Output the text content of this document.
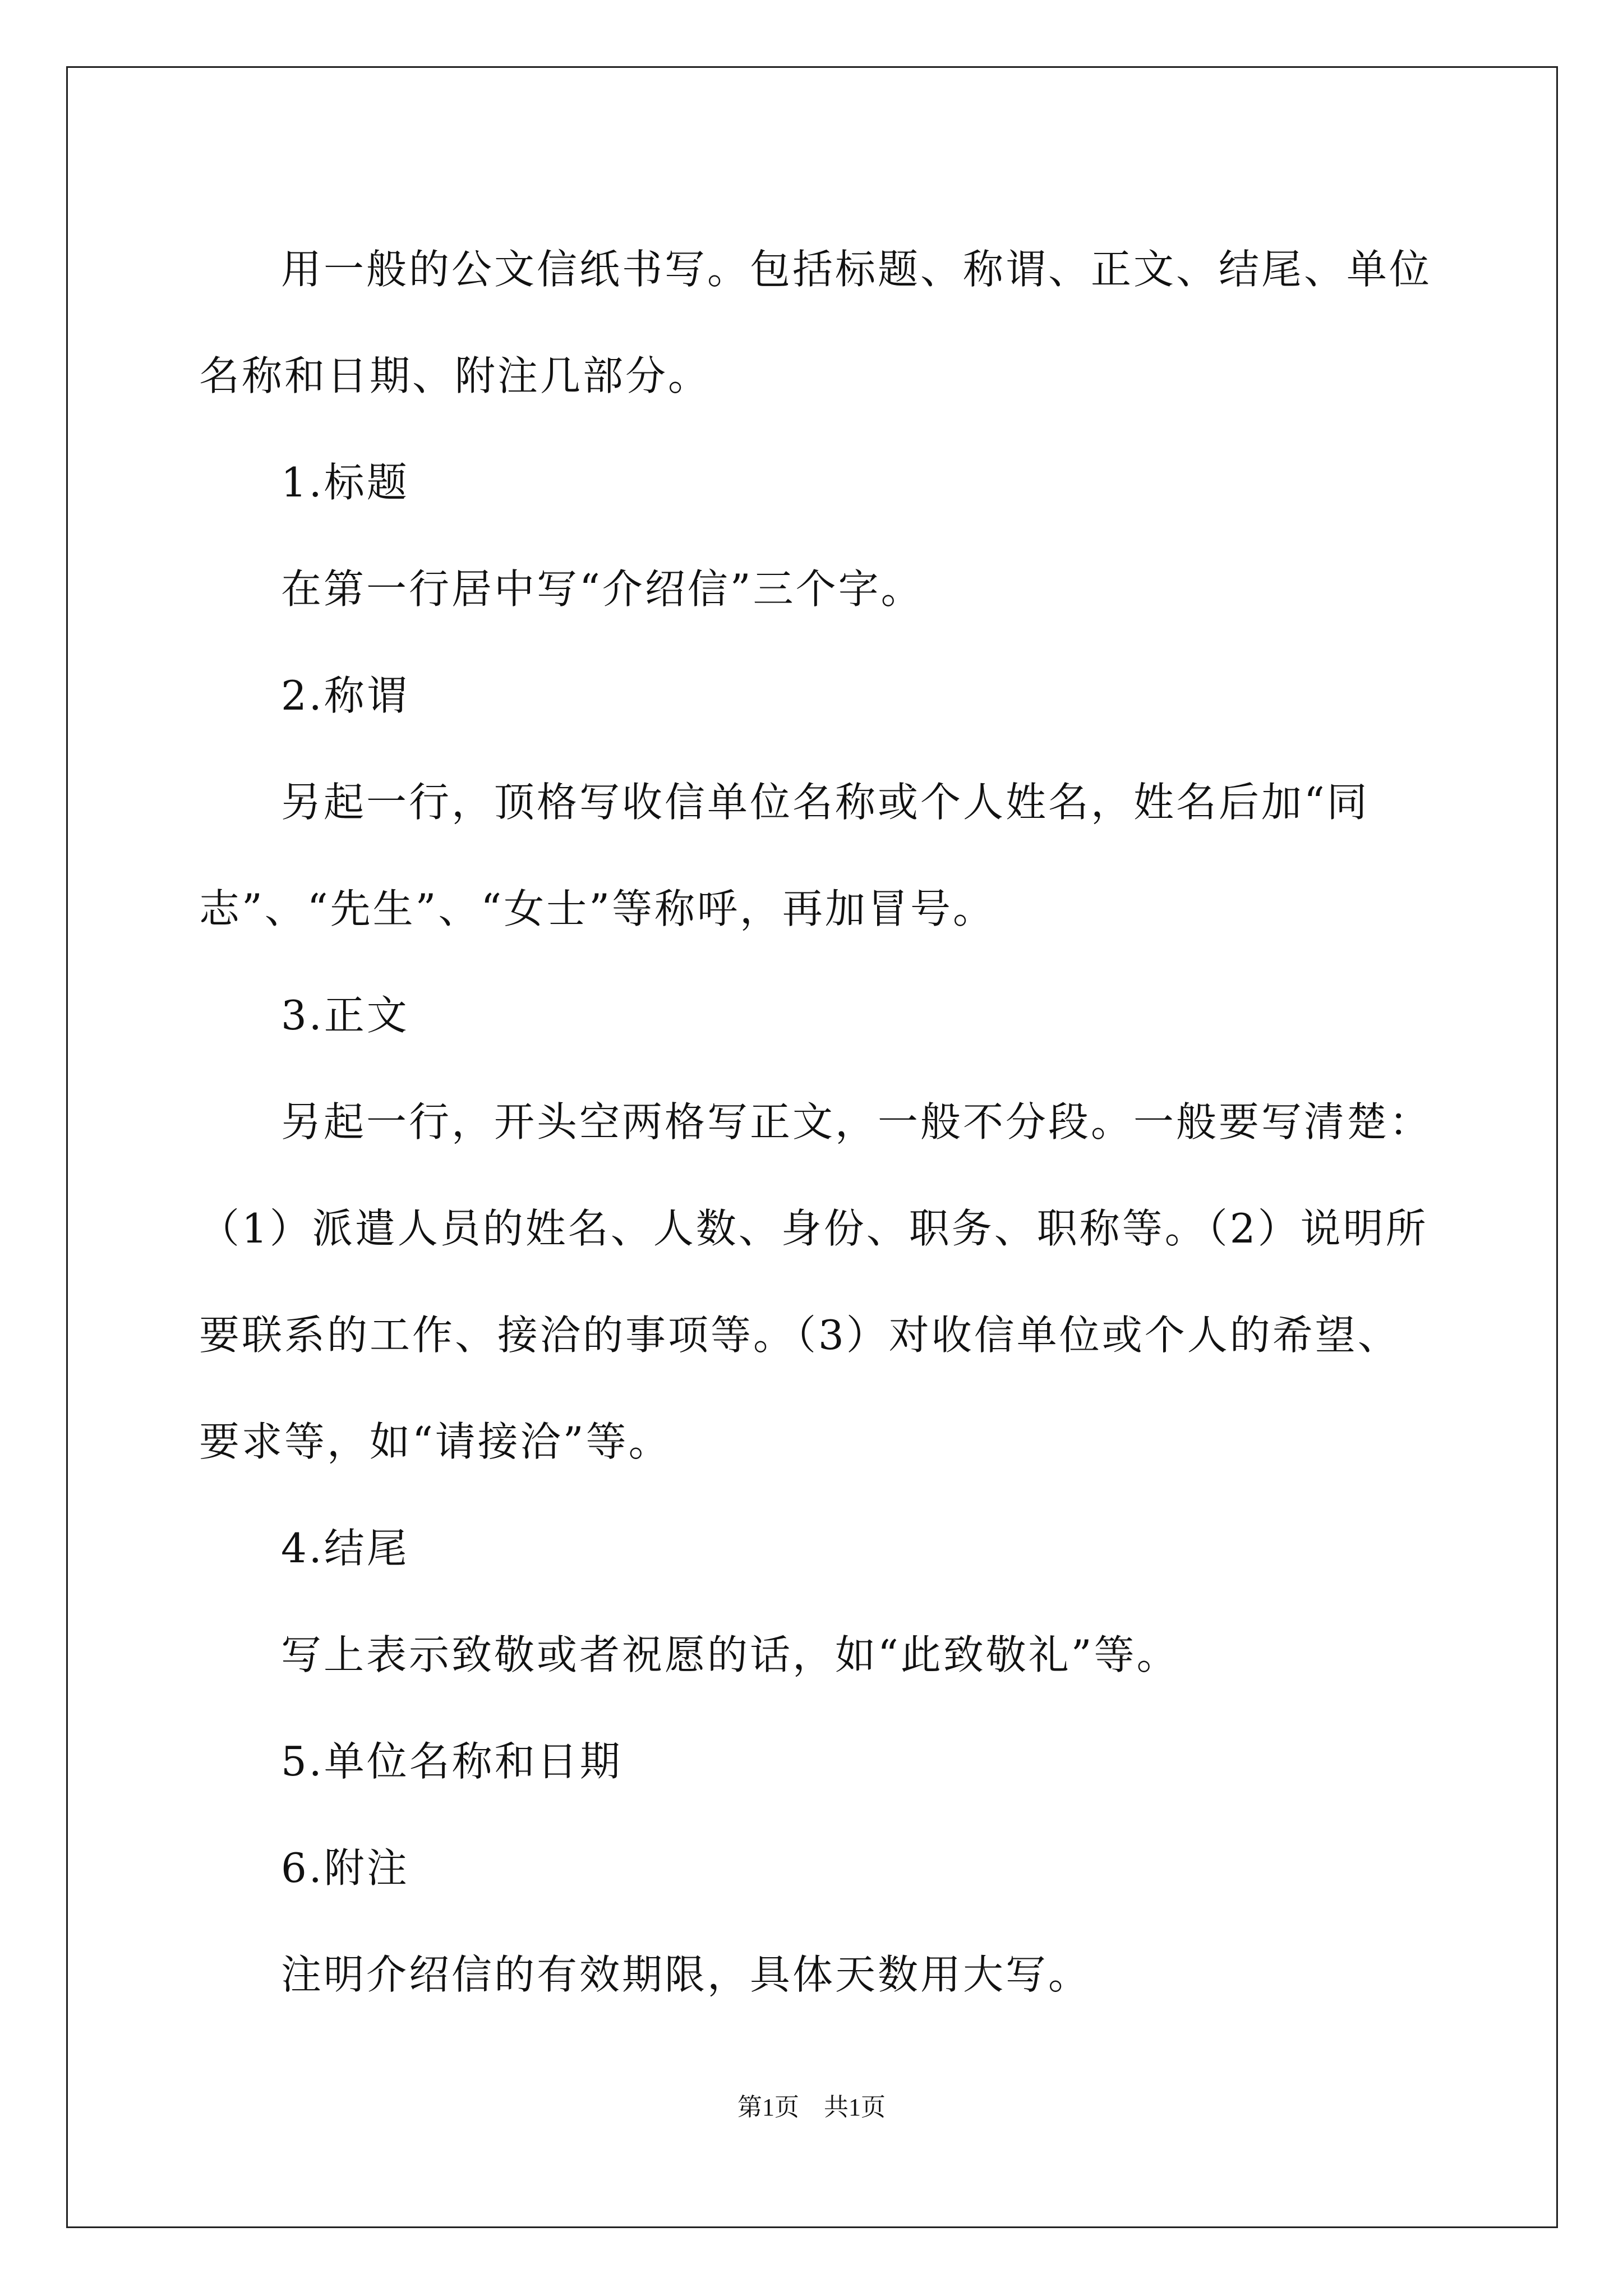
用一般的公文信纸书写。包括标题、称谓、正文、结尾、单位名称和日期、附注几部分。

1.标题

在第一行居中写“介绍信”三个字。

2.称谓

另起一行，顶格写收信单位名称或个人姓名，姓名后加“同志”、“先生”、“女士”等称呼，再加冒号。

3.正文

另起一行，开头空两格写正文，一般不分段。一般要写清楚：（1）派遣人员的姓名、人数、身份、职务、职称等。（2）说明所要联系的工作、接洽的事项等。（3）对收信单位或个人的希望、要求等，如“请接洽”等。

4.结尾

写上表示致敬或者祝愿的话，如“此致敬礼”等。

5.单位名称和日期

6.附注

注明介绍信的有效期限，具体天数用大写。

第1页　共1页
